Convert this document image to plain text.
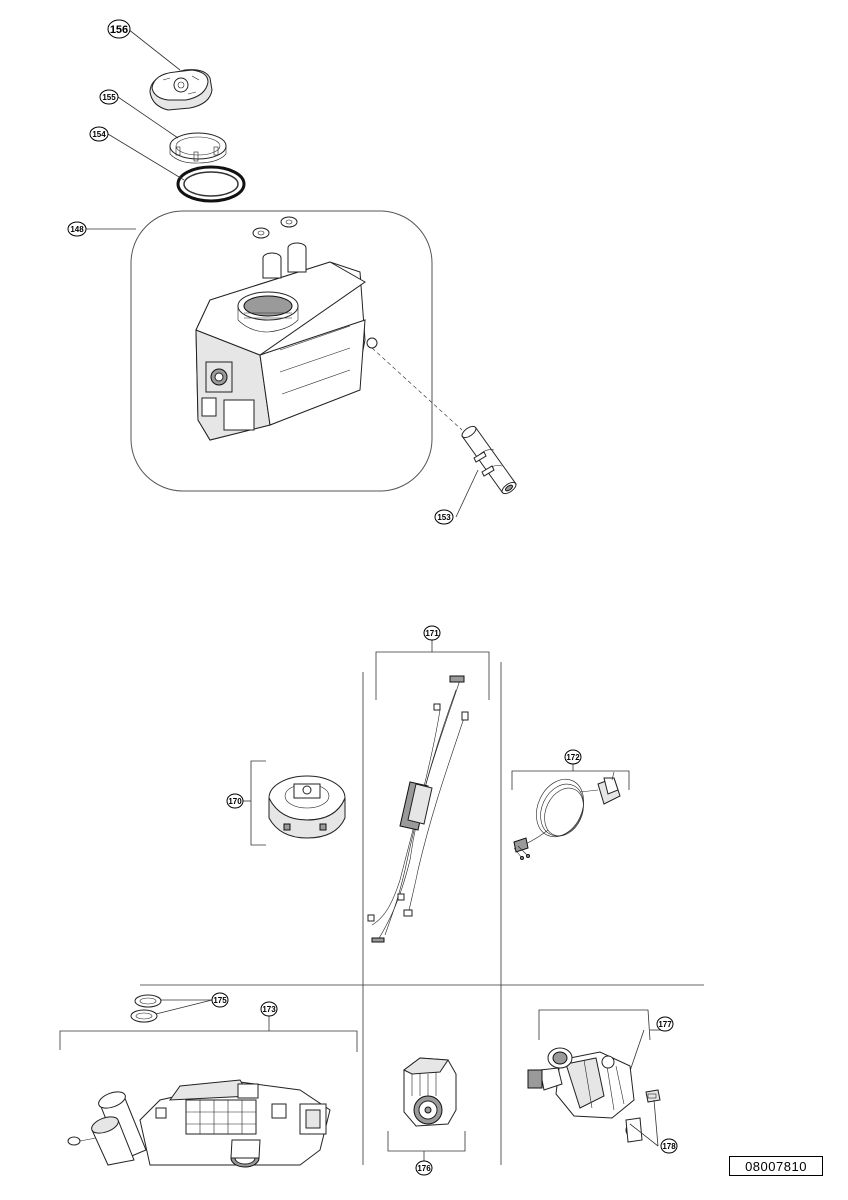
156
155
154
148
153
171
172
170
175
173
177
176
178
08007810
